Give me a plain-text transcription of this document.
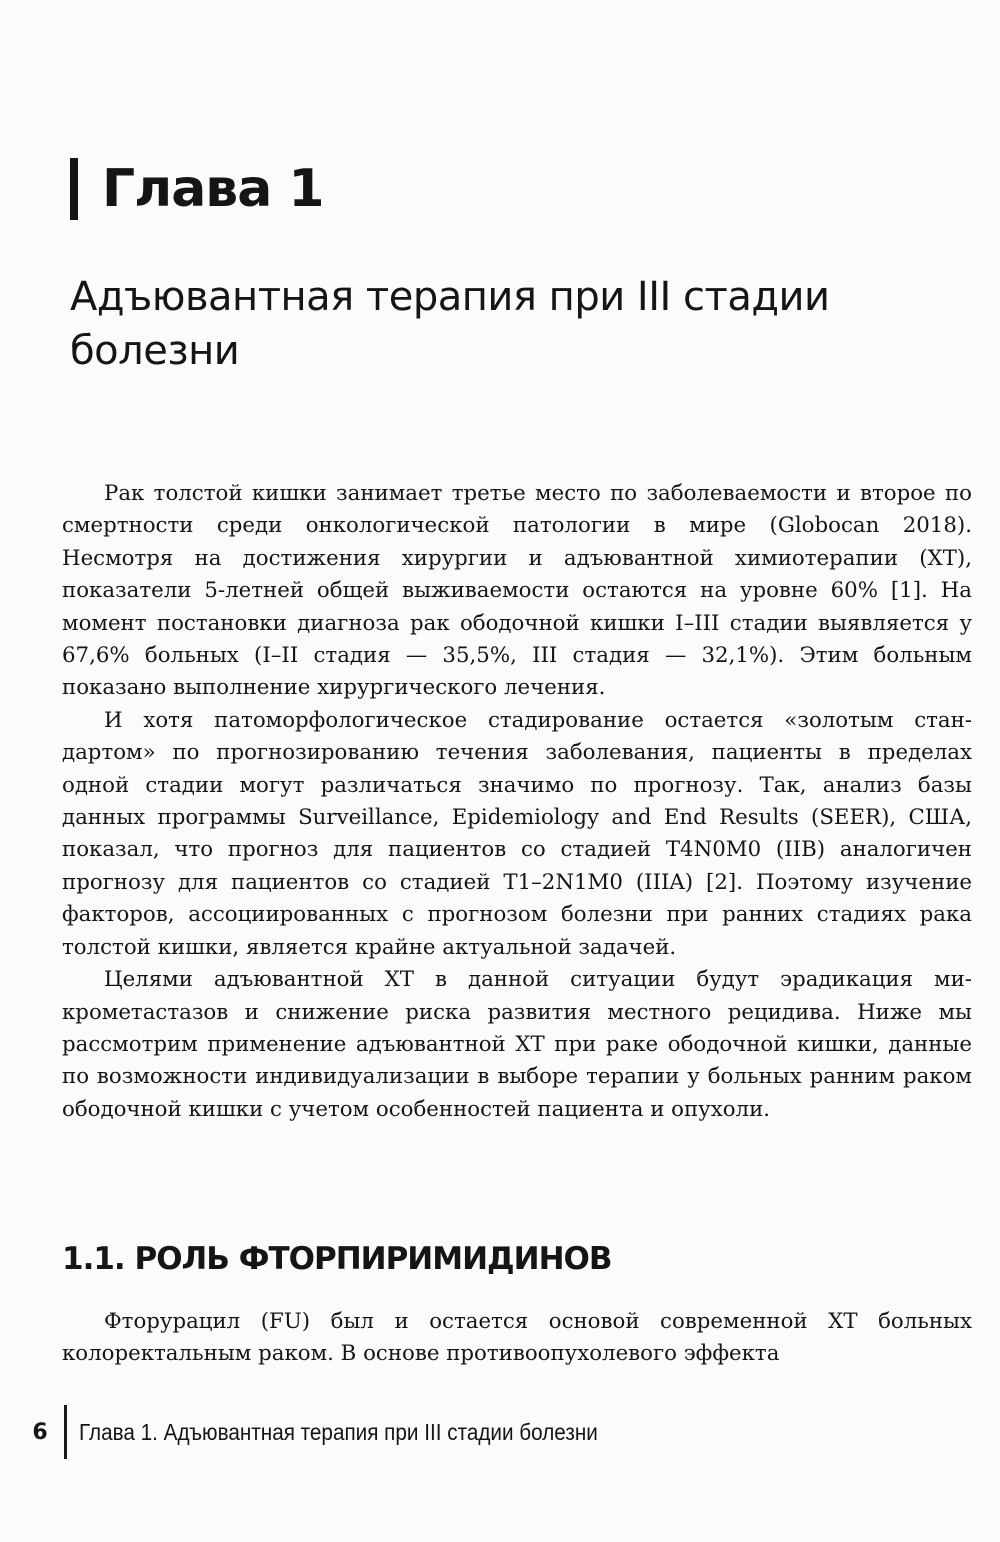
Глава 1
Адъювантная терапия при III стадии болезни

Рак толстой кишки занимает третье место по заболеваемости и второе по смертности среди онкологической патологии в мире (Globocan 2018). Несмотря на достижения хирургии и адъювантной химиотерапии (ХТ), показатели 5-летней общей выживаемости остаются на уровне 60% [1]. На момент постановки диагноза рак ободочной кишки I–III стадии выявляется у 67,6% больных (I–II стадия — 35,5%, III стадия — 32,1%). Этим больным показано выполнение хирургического лечения.

И хотя патоморфологическое стадирование остается «золотым стандартом» по прогнозированию течения заболевания, пациенты в пределах одной стадии могут различаться значимо по прогнозу. Так, анализ базы данных программы Surveillance, Epidemiology and End Results (SEER), США, показал, что прогноз для пациентов со стадией T4N0M0 (IIB) аналогичен прогнозу для пациентов со стадией T1–2N1M0 (IIIA) [2]. Поэтому изучение факторов, ассоциированных с прогнозом болезни при ранних стадиях рака толстой кишки, является крайне актуальной задачей.

Целями адъювантной ХТ в данной ситуации будут эрадикация микрометастазов и снижение риска развития местного рецидива. Ниже мы рассмотрим применение адъювантной ХТ при раке ободочной кишки, данные по возможности индивидуализации в выборе терапии у больных ранним раком ободочной кишки с учетом особенностей пациента и опухоли.

1.1. РОЛЬ ФТОРПИРИМИДИНОВ

Фторурацил (FU) был и остается основой современной ХТ больных колоректальным раком. В основе противоопухолевого эффекта

6 Глава 1. Адъювантная терапия при III стадии болезни
